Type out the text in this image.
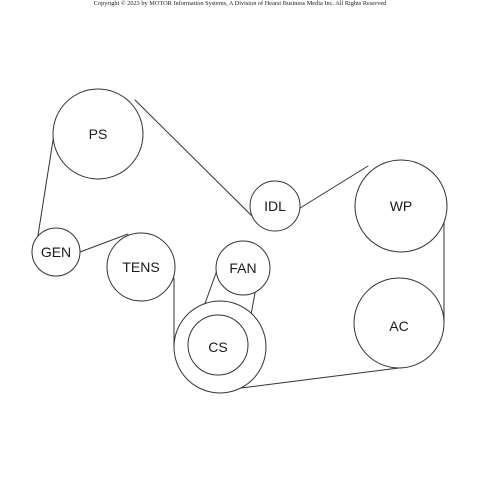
Copyright © 2023 by MOTOR Information Systems, A Division of Hearst Business Media Inc. All Rights Reserved
PS
IDL	WP
GEN
TENS	FAN
CS
AC
